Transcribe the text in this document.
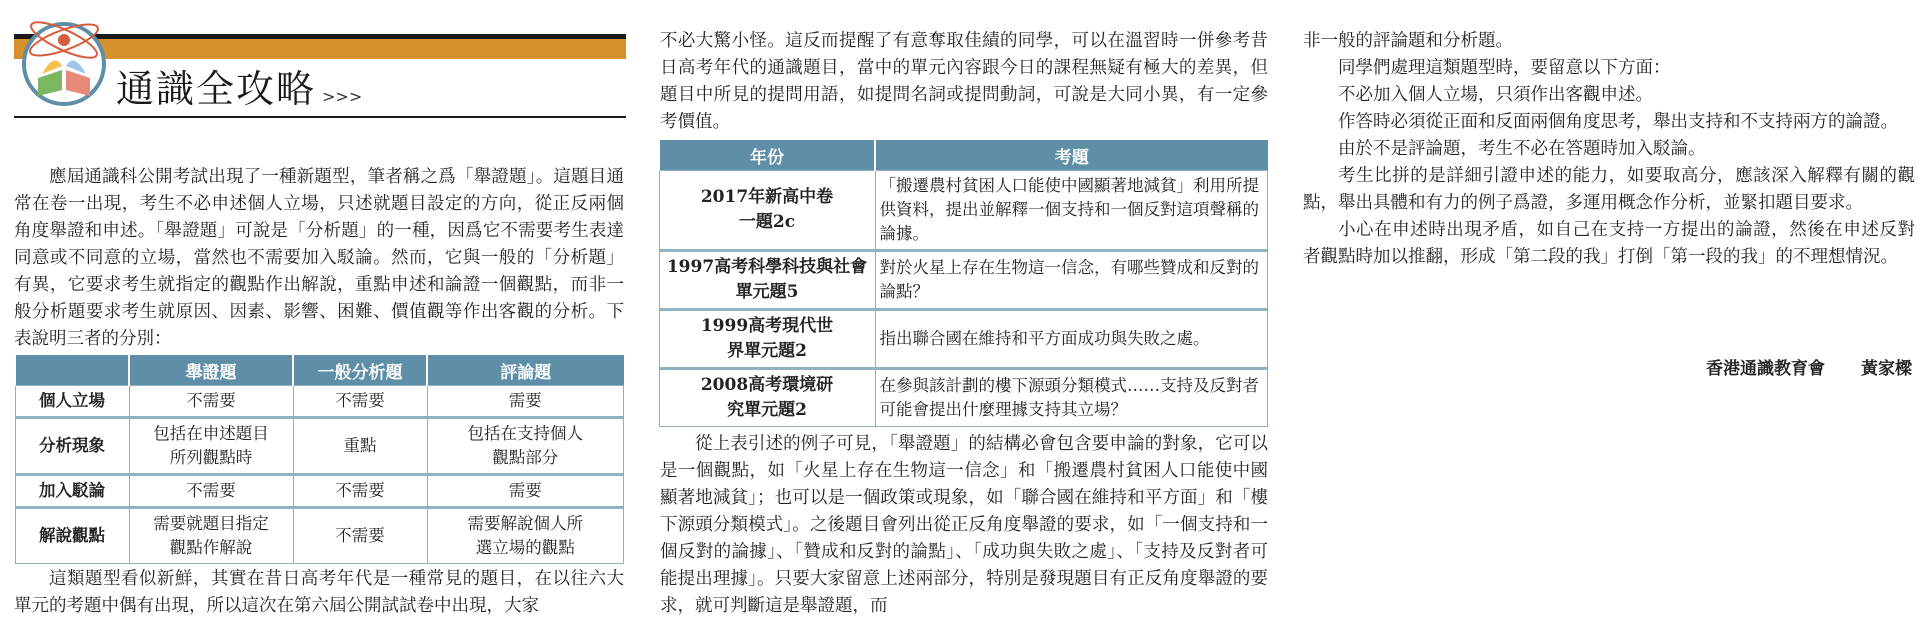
通識全攻略 >>>

應屆通識科公開考試出現了一種新題型，筆者稱之爲「舉證題」。這題目通常在卷一出現，考生不必申述個人立場，只述就題目設定的方向，從正反兩個角度舉證和申述。「舉證題」可說是「分析題」的一種，因爲它不需要考生表達同意或不同意的立場，當然也不需要加入駁論。然而，它與一般的「分析題」有異，它要求考生就指定的觀點作出解說，重點申述和論證一個觀點，而非一般分析題要求考生就原因、因素、影響、困難、價值觀等作出客觀的分析。下表說明三者的分別：

	舉證題	一般分析題	評論題
個人立場	不需要	不需要	需要
分析現象	包括在申述題目所列觀點時	重點	包括在支持個人觀點部分
加入駁論	不需要	不需要	需要
解說觀點	需要就題目指定觀點作解說	不需要	需要解說個人所選立場的觀點

這類題型看似新鮮，其實在昔日高考年代是一種常見的題目，在以往六大單元的考題中偶有出現，所以這次在第六屆公開試試卷中出現，大家

不必大驚小怪。這反而提醒了有意奪取佳績的同學，可以在溫習時一併參考昔日高考年代的通識題目，當中的單元內容跟今日的課程無疑有極大的差異，但題目中所見的提問用語，如提問名詞或提問動詞，可說是大同小異，有一定參考價值。

年份	考題
2017年新高中卷一題2c	「搬遷農村貧困人口能使中國顯著地減貧」利用所提供資料，提出並解釋一個支持和一個反對這項聲稱的論據。
1997高考科學科技與社會單元題5	對於火星上存在生物這一信念，有哪些贊成和反對的論點？
1999高考現代世界單元題2	指出聯合國在維持和平方面成功與失敗之處。
2008高考環境研究單元題2	在參與該計劃的樓下源頭分類模式……支持及反對者可能會提出什麼理據支持其立場？

從上表引述的例子可見，「舉證題」的結構必會包含要申論的對象，它可以是一個觀點，如「火星上存在生物這一信念」和「搬遷農村貧困人口能使中國顯著地減貧」；也可以是一個政策或現象，如「聯合國在維持和平方面」和「樓下源頭分類模式」。之後題目會列出從正反角度舉證的要求，如「一個支持和一個反對的論據」、「贊成和反對的論點」、「成功與失敗之處」、「支持及反對者可能提出理據」。只要大家留意上述兩部分，特別是發現題目有正反角度舉證的要求，就可判斷這是舉證題，而

非一般的評論題和分析題。

同學們處理這類題型時，要留意以下方面：

不必加入個人立場，只須作出客觀申述。

作答時必須從正面和反面兩個角度思考，舉出支持和不支持兩方的論證。

由於不是評論題，考生不必在答題時加入駁論。

考生比拼的是詳細引證申述的能力，如要取高分，應該深入解釋有關的觀點，舉出具體和有力的例子爲證，多運用概念作分析，並緊扣題目要求。

小心在申述時出現矛盾，如自己在支持一方提出的論證，然後在申述反對者觀點時加以推翻，形成「第二段的我」打倒「第一段的我」的不理想情況。

香港通識教育會 黃家樑
